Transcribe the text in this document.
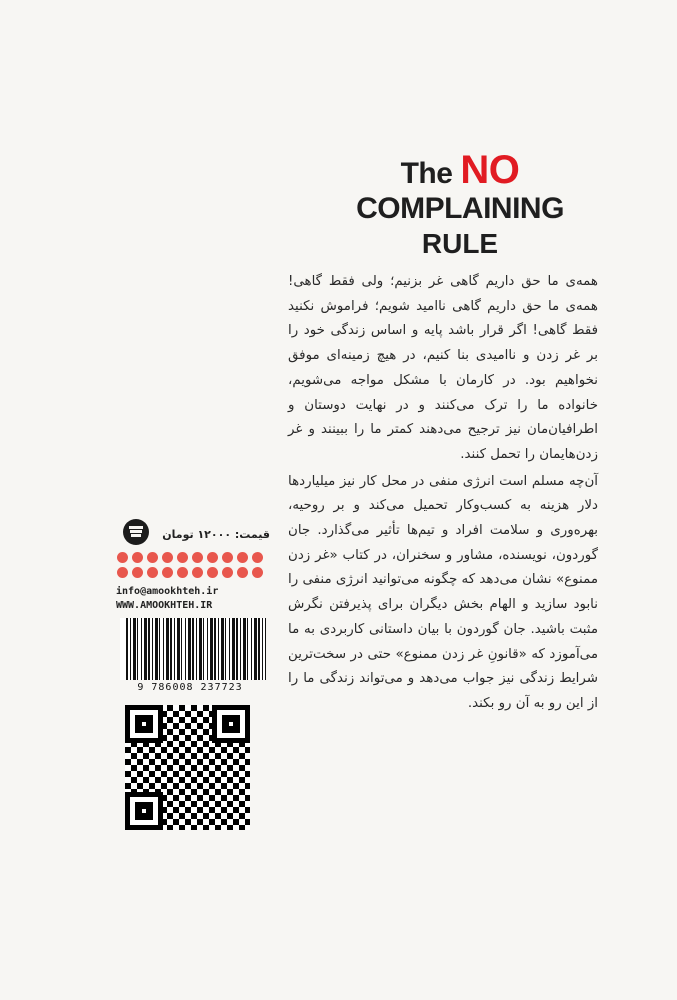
The NO
COMPLAINING
RULE

همه‌ی ما حق داریم گاهی غر بزنیم؛ ولی فقط گاهی! همه‌ی ما حق داریم گاهی ناامید شویم؛ فراموش نکنید فقط گاهی! اگر قرار باشد پایه و اساس زندگی خود را بر غر زدن و ناامیدی بنا کنیم، در هیچ زمینه‌ای موفق نخواهیم بود. در کارمان با مشکل مواجه می‌شویم، خانواده ما را ترک می‌کنند و در نهایت دوستان و اطرافیان‌مان نیز ترجیح می‌دهند کمتر ما را ببینند و غر زدن‌هایمان را تحمل کنند.

آن‌چه مسلم است انرژی منفی در محل کار نیز میلیاردها دلار هزینه به کسب‌وکار تحمیل می‌کند و بر روحیه، بهره‌وری و سلامت افراد و تیم‌ها تأثیر می‌گذارد. جان گوردون، نویسنده، مشاور و سخنران، در کتاب «غر زدن ممنوع» نشان می‌دهد که چگونه می‌توانید انرژی منفی را نابود سازید و الهام بخش دیگران برای پذیرفتن نگرش مثبت باشید. جان گوردون با بیان داستانی کاربردی به ما می‌آموزد که «قانونِ غر زدن ممنوع» حتی در سخت‌ترین شرایط زندگی نیز جواب می‌دهد و می‌تواند زندگی ما را از این رو به آن رو بکند.

قیمت: ۱۲۰۰۰ تومان
info@amookhteh.ir
WWW.AMOOKHTEH.IR
9 786008 237723
